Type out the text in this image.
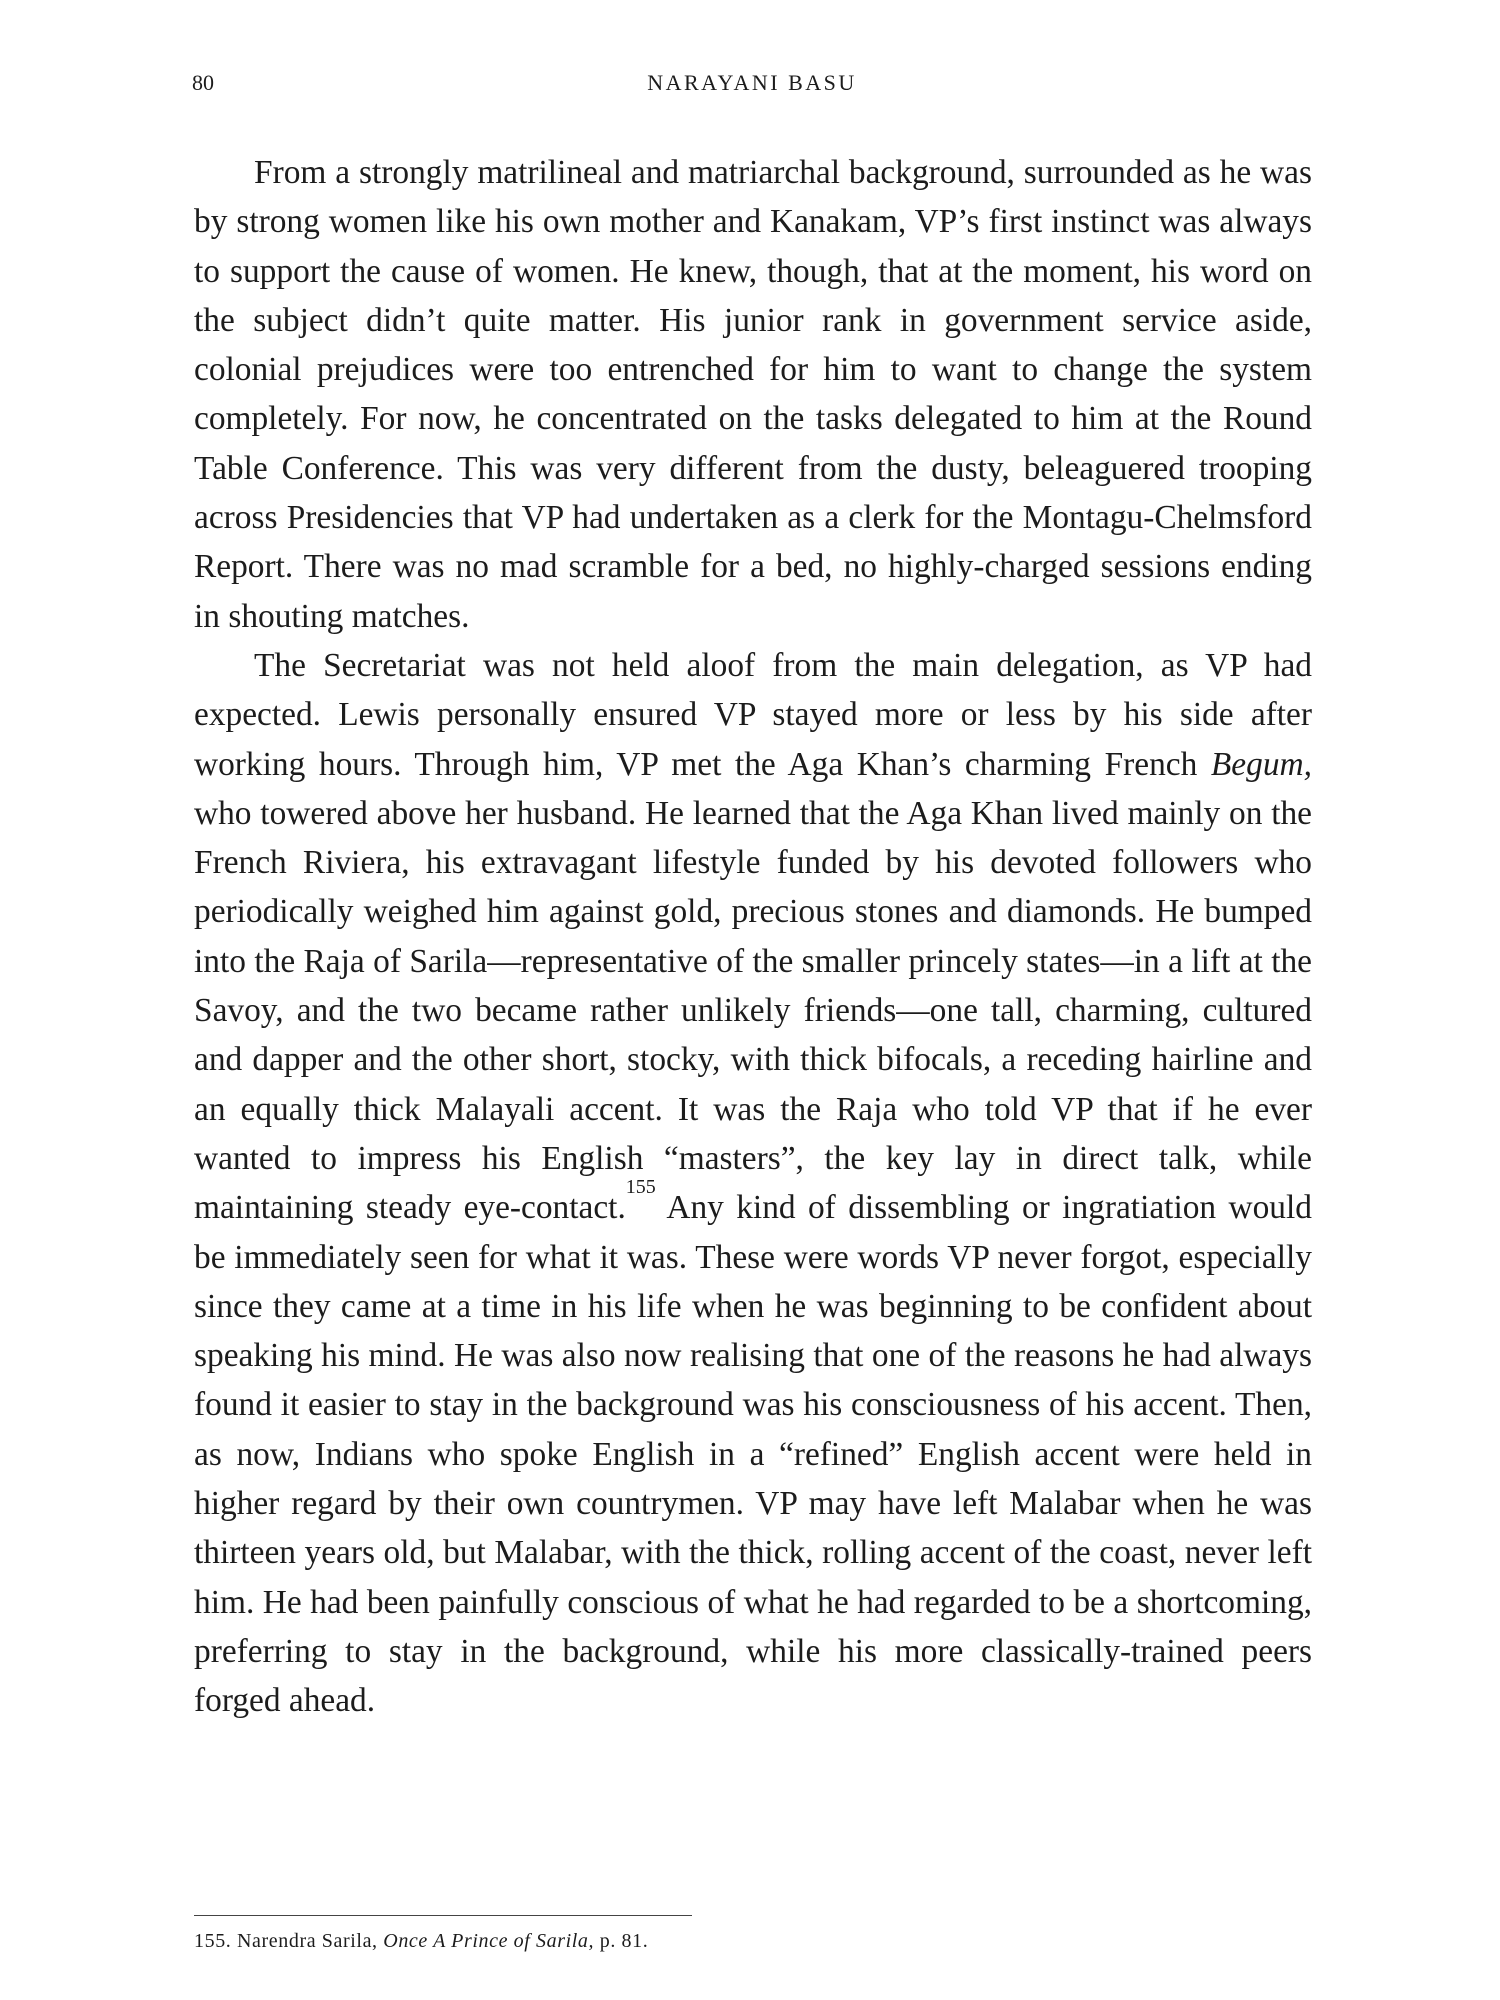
80	NARAYANI BASU

From a strongly matrilineal and matriarchal background, surrounded as he was by strong women like his own mother and Kanakam, VP’s first instinct was always to support the cause of women. He knew, though, that at the moment, his word on the subject didn’t quite matter. His junior rank in government service aside, colonial prejudices were too entrenched for him to want to change the system completely. For now, he concentrated on the tasks delegated to him at the Round Table Conference. This was very different from the dusty, beleaguered trooping across Presidencies that VP had undertaken as a clerk for the Montagu-Chelmsford Report. There was no mad scramble for a bed, no highly-charged sessions ending in shouting matches.

The Secretariat was not held aloof from the main delegation, as VP had expected. Lewis personally ensured VP stayed more or less by his side after working hours. Through him, VP met the Aga Khan’s charming French Begum, who towered above her husband. He learned that the Aga Khan lived mainly on the French Riviera, his extravagant lifestyle funded by his devoted followers who periodically weighed him against gold, precious stones and diamonds. He bumped into the Raja of Sarila—representative of the smaller princely states—in a lift at the Savoy, and the two became rather unlikely friends—one tall, charming, cultured and dapper and the other short, stocky, with thick bifocals, a receding hairline and an equally thick Malayali accent. It was the Raja who told VP that if he ever wanted to impress his English “masters”, the key lay in direct talk, while maintaining steady eye-contact.$^{155}$ Any kind of dissembling or ingratiation would be immediately seen for what it was. These were words VP never forgot, especially since they came at a time in his life when he was beginning to be confident about speaking his mind. He was also now realising that one of the reasons he had always found it easier to stay in the background was his consciousness of his accent. Then, as now, Indians who spoke English in a “refined” English accent were held in higher regard by their own countrymen. VP may have left Malabar when he was thirteen years old, but Malabar, with the thick, rolling accent of the coast, never left him. He had been painfully conscious of what he had regarded to be a shortcoming, preferring to stay in the background, while his more classically-trained peers forged ahead.

155. Narendra Sarila, Once A Prince of Sarila, p. 81.
